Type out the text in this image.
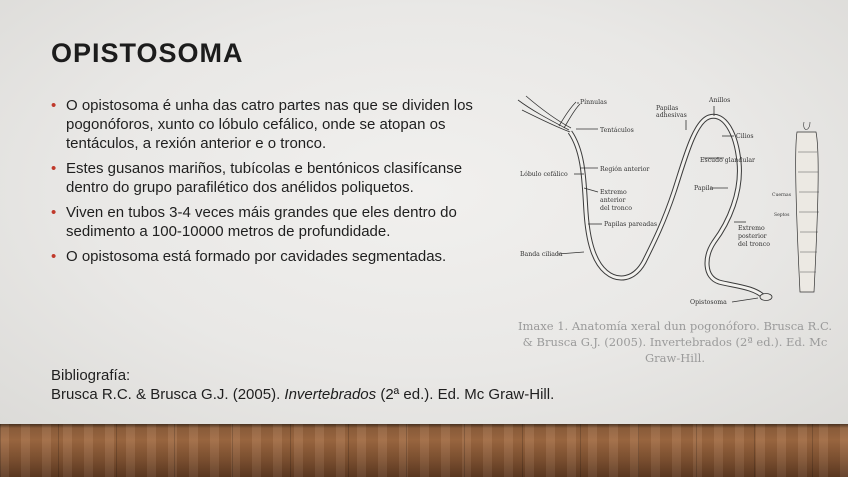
OPISTOSOMA
• O opistosoma é unha das catro partes nas que se dividen los pogonóforos, xunto co lóbulo cefálico, onde se atopan os tentáculos, a rexión anterior e o tronco.
• Estes gusanos mariños, tubícolas e bentónicos clasifícanse dentro do grupo parafilético dos anélidos poliquetos.
• Viven en tubos 3-4 veces máis grandes que eles dentro do sedimento a 100-10000 metros de profundidade.
• O opistosoma está formado por cavidades segmentadas.
Bibliografía:
Brusca R.C. & Brusca G.J. (2005). Invertebrados (2ª ed.). Ed. Mc Graw-Hill.
Pínnulas
Tentáculos
Región anterior
Lóbulo cefálico
Extremo
anterior
del tronco
Papilas pareadas
Banda ciliada
Papilas
adhesivas
Anillos
Cilios
Escudo glandular
Papila
Extremo
posterior
del tronco
Opistosoma
Cuernas
Septos
Imaxe 1. Anatomía xeral dun pogonóforo. Brusca R.C. & Brusca G.J. (2005). Invertebrados (2ª ed.). Ed. Mc Graw-Hill.
